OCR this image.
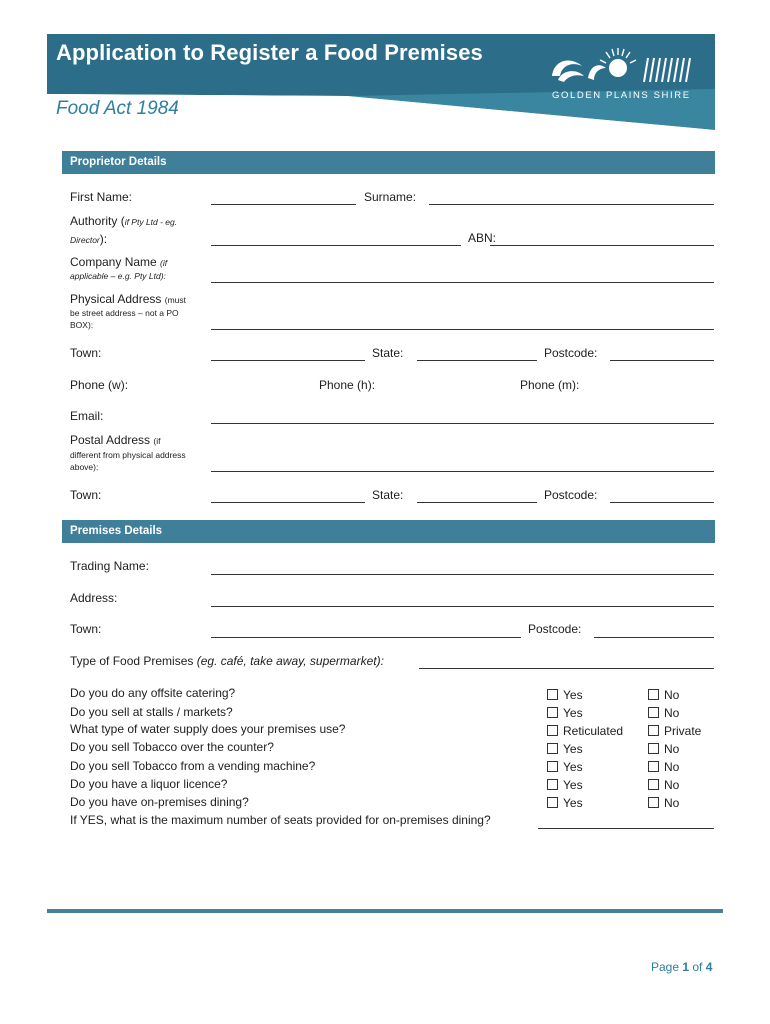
Application to Register a Food Premises
Food Act 1984
GOLDEN PLAINS SHIRE
Proprietor Details
First Name:	Surname:
Authority (if Pty Ltd - eg.
Director):	ABN:
Company Name (if
applicable – e.g. Pty Ltd):
Physical Address (must
be street address – not a PO
BOX):
Town:	State:	Postcode:
Phone (w):	Phone (h):	Phone (m):
Email:
Postal Address (if
different from physical address
above):
Town:	State:	Postcode:
Premises Details
Trading Name:
Address:
Town:	Postcode:
Type of Food Premises (eg. café, take away, supermarket):
Do you do any offsite catering?	Yes	No
Do you sell at stalls / markets?	Yes	No
What type of water supply does your premises use?	Reticulated	Private
Do you sell Tobacco over the counter?	Yes	No
Do you sell Tobacco from a vending machine?	Yes	No
Do you have a liquor licence?	Yes	No
Do you have on-premises dining?	Yes	No
If YES, what is the maximum number of seats provided for on-premises dining?
Page 1 of 4
